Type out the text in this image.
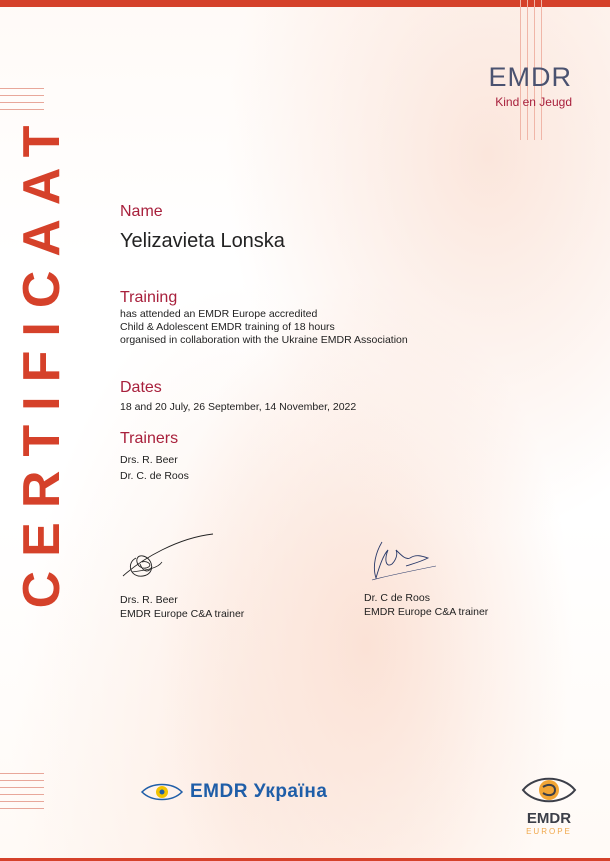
CERTIFICAAT
EMDR
Kind en Jeugd
Name
Yelizavieta Lonska
Training
has attended an EMDR Europe accredited
Child & Adolescent EMDR training of 18 hours
organised in collaboration with the Ukraine EMDR Association
Dates
18 and 20 July, 26 September, 14 November, 2022
Trainers
Drs. R. Beer
Dr. C. de Roos
Drs. R. Beer
EMDR Europe C&A trainer
Dr. C de Roos
EMDR Europe C&A trainer
EMDR Україна
EMDR
EUROPE
